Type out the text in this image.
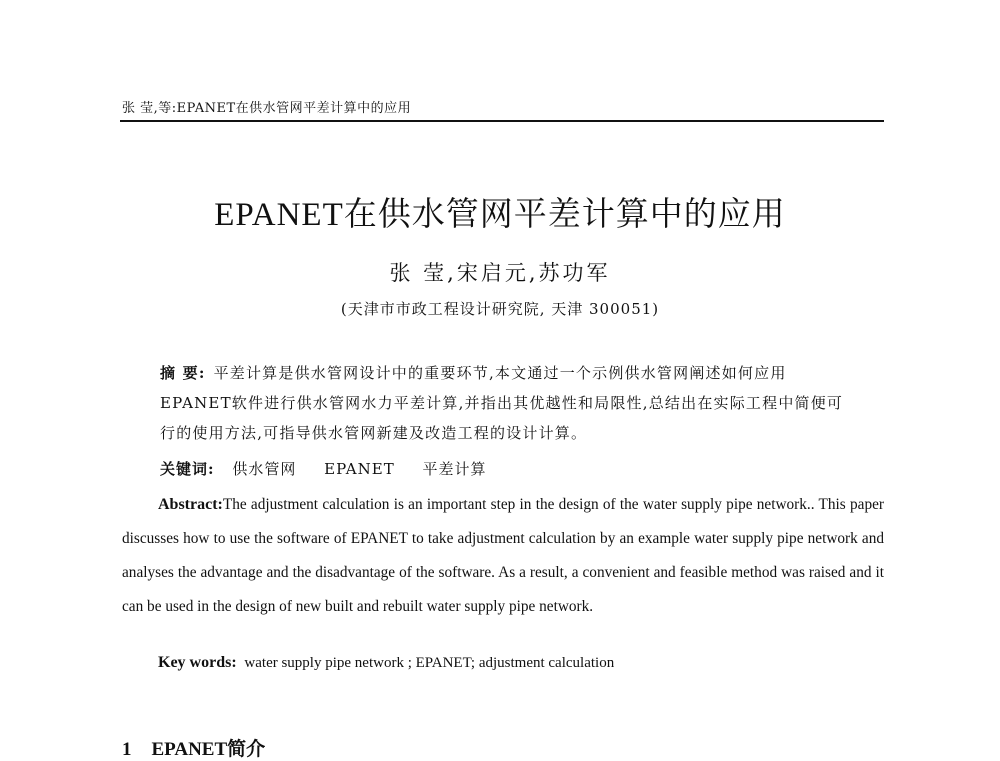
张 莹,等:EPANET在供水管网平差计算中的应用
EPANET在供水管网平差计算中的应用
张 莹,宋启元,苏功军
(天津市市政工程设计研究院, 天津 300051)
摘 要: 平差计算是供水管网设计中的重要环节,本文通过一个示例供水管网阐述如何应用EPANET软件进行供水管网水力平差计算,并指出其优越性和局限性,总结出在实际工程中简便可行的使用方法,可指导供水管网新建及改造工程的设计计算。
关键词: 供水管网 EPANET 平差计算
Abstract:The adjustment calculation is an important step in the design of the water supply pipe network.. This paper discusses how to use the software of EPANET to take adjustment calculation by an example water supply pipe network and analyses the advantage and the disadvantage of the software. As a result, a convenient and feasible method was raised and it can be used in the design of new built and rebuilt water supply pipe network.
Key words: water supply pipe network ; EPANET; adjustment calculation
1 EPANET简介
